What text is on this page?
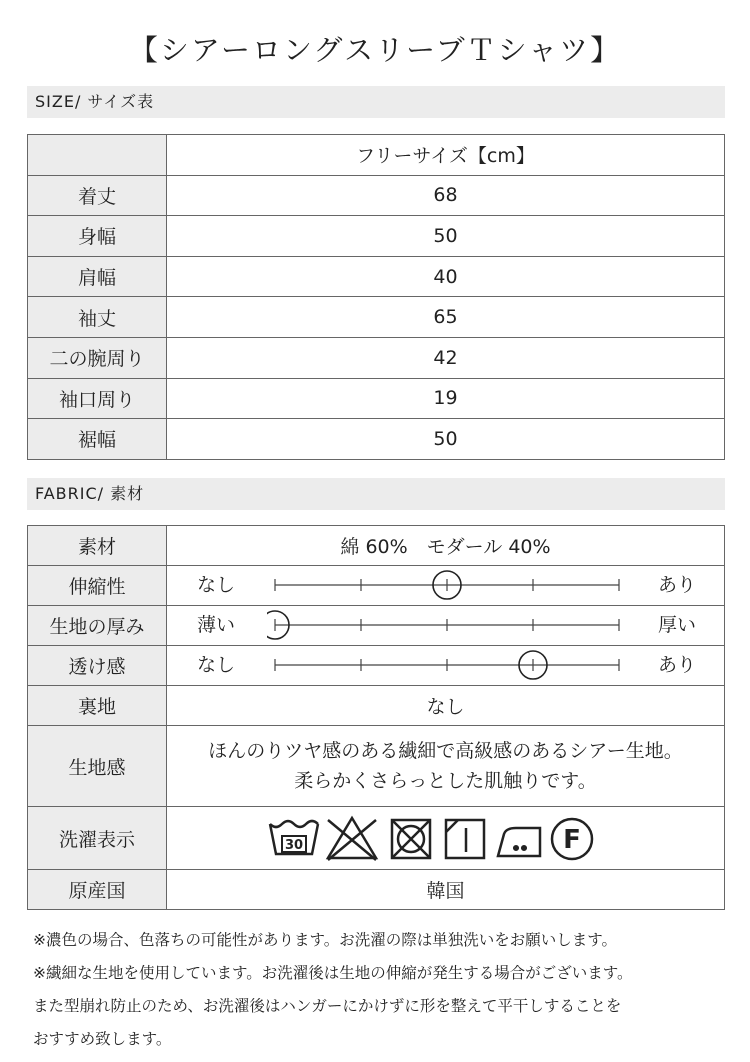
【シアーロングスリーブＴシャツ】
SIZE/ サイズ表
	フリーサイズ【cm】
着丈	68
身幅	50
肩幅	40
袖丈	65
二の腕周り	42
袖口周り	19
裾幅	50
FABRIC/ 素材
素材	綿 60%　モダール 40%
伸縮性	なし あり

生地の厚み	薄い 厚い

透け感	なし あり

裏地	なし
生地感	ほんのりツヤ感のある繊細で高級感のあるシアー生地。
柔らかくさらっとした肌触りです。

洗濯表示	30 F

原産国	韓国
※濃色の場合、色落ちの可能性があります。お洗濯の際は単独洗いをお願いします。
※繊細な生地を使用しています。お洗濯後は生地の伸縮が発生する場合がございます。
また型崩れ防止のため、お洗濯後はハンガーにかけずに形を整えて平干しすることを
おすすめ致します。
